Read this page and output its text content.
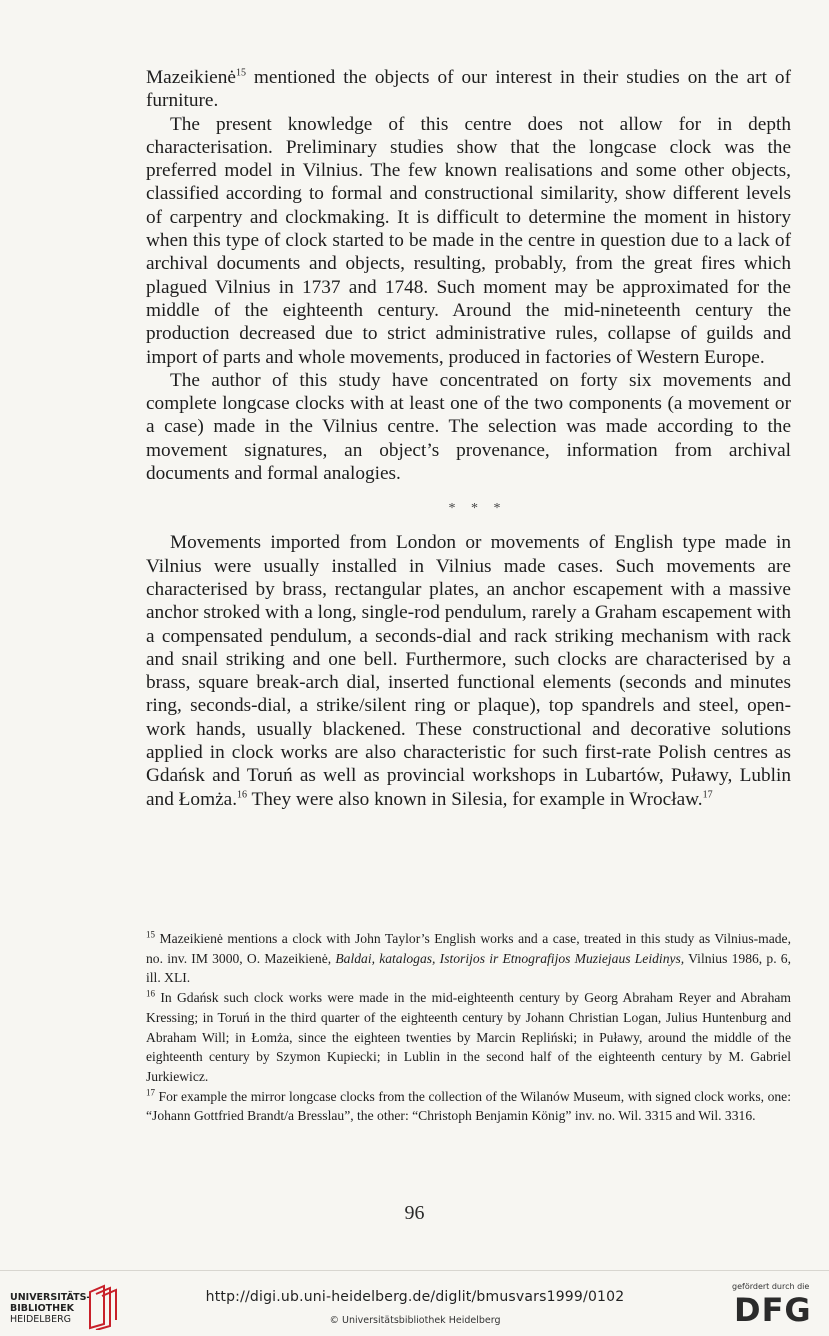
Mazeikienė$^{15}$ mentioned the objects of our interest in their studies on the art of furniture.

The present knowledge of this centre does not allow for in depth characterisation. Preliminary studies show that the longcase clock was the preferred model in Vilnius. The few known realisations and some other objects, classified according to formal and constructional similarity, show different levels of carpentry and clockmaking. It is difficult to determine the moment in history when this type of clock started to be made in the centre in question due to a lack of archival documents and objects, resulting, probably, from the great fires which plagued Vilnius in 1737 and 1748. Such moment may be approximated for the middle of the eighteenth century. Around the mid-nineteenth century the production decreased due to strict administrative rules, collapse of guilds and import of parts and whole movements, produced in factories of Western Europe.

The author of this study have concentrated on forty six movements and complete longcase clocks with at least one of the two components (a movement or a case) made in the Vilnius centre. The selection was made according to the movement signatures, an object’s provenance, information from archival documents and formal analogies.

* * *

Movements imported from London or movements of English type made in Vilnius were usually installed in Vilnius made cases. Such movements are characterised by brass, rectangular plates, an anchor escapement with a massive anchor stroked with a long, single-rod pendulum, rarely a Graham escapement with a compensated pendulum, a seconds-dial and rack striking mechanism with rack and snail striking and one bell. Furthermore, such clocks are characterised by a brass, square break-arch dial, inserted functional elements (seconds and minutes ring, seconds-dial, a strike/silent ring or plaque), top spandrels and steel, open-work hands, usually blackened. These constructional and decorative solutions applied in clock works are also characteristic for such first-rate Polish centres as Gdańsk and Toruń as well as provincial workshops in Lubartów, Puławy, Lublin and Łomża.$^{16}$ They were also known in Silesia, for example in Wrocław.$^{17}$

$^{15}$ Mazeikienė mentions a clock with John Taylor’s English works and a case, treated in this study as Vilnius-made, no. inv. IM 3000, O. Mazeikienė, Baldai, katalogas, Istorijos ir Etnografijos Muziejaus Leidinys, Vilnius 1986, p. 6, ill. XLI.

$^{16}$ In Gdańsk such clock works were made in the mid-eighteenth century by Georg Abraham Reyer and Abraham Kressing; in Toruń in the third quarter of the eighteenth century by Johann Christian Logan, Julius Huntenburg and Abraham Will; in Łomża, since the eighteen twenties by Marcin Repliński; in Puławy, around the middle of the eighteenth century by Szymon Kupiecki; in Lublin in the second half of the eighteenth century by M. Gabriel Jurkiewicz.

$^{17}$ For example the mirror longcase clocks from the collection of the Wilanów Museum, with signed clock works, one: “Johann Gottfried Brandt/a Bresslau”, the other: “Christoph Benjamin König” inv. no. Wil. 3315 and Wil. 3316.

96
UNIVERSITÄTS-
BIBLIOTHEK
HEIDELBERG
http://digi.ub.uni-heidelberg.de/diglit/bmusvars1999/0102
© Universitätsbibliothek Heidelberg
gefördert durch die
DFG
